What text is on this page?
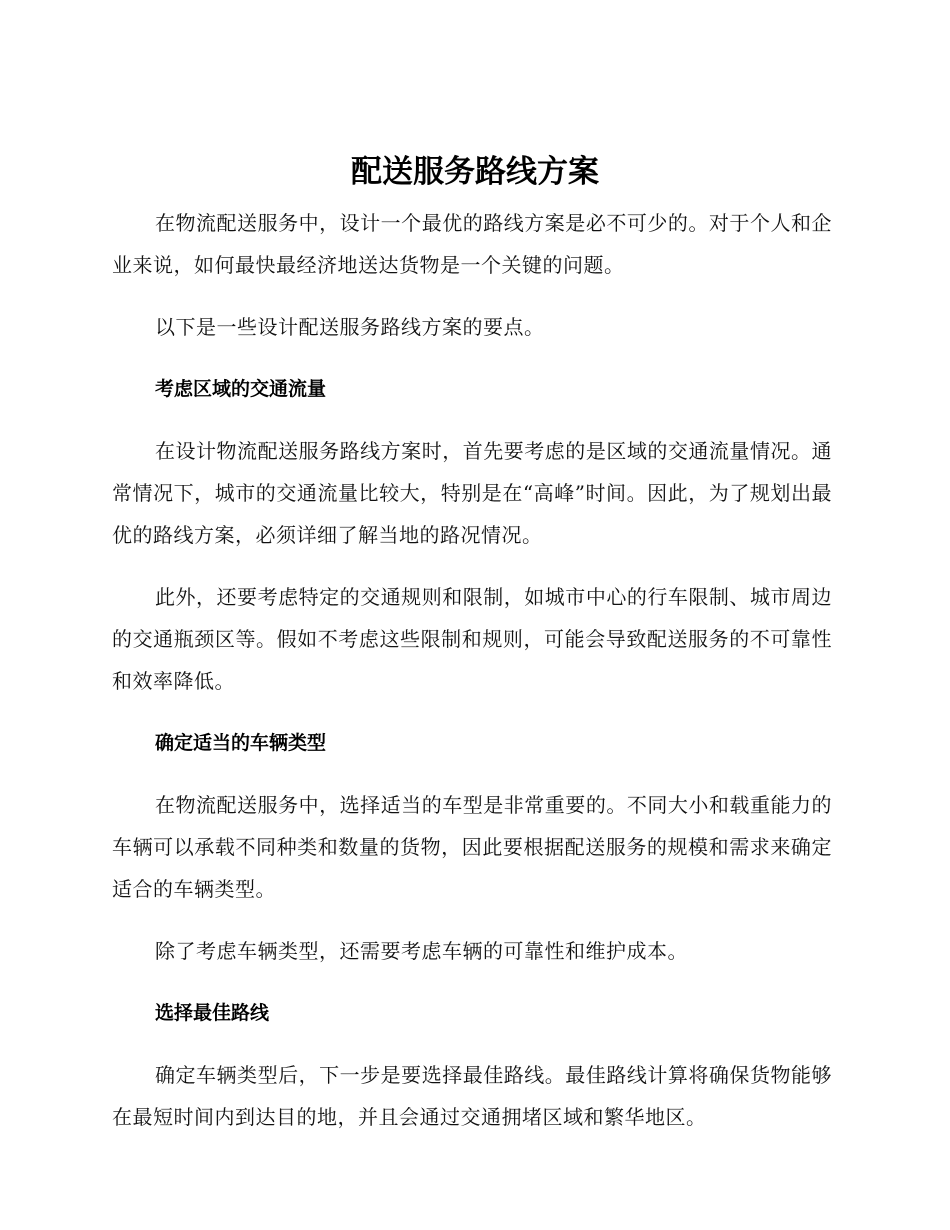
配送服务路线方案

在物流配送服务中，设计一个最优的路线方案是必不可少的。对于个人和企业来说，如何最快最经济地送达货物是一个关键的问题。

以下是一些设计配送服务路线方案的要点。

考虑区域的交通流量

在设计物流配送服务路线方案时，首先要考虑的是区域的交通流量情况。通常情况下，城市的交通流量比较大，特别是在“高峰”时间。因此，为了规划出最优的路线方案，必须详细了解当地的路况情况。

此外，还要考虑特定的交通规则和限制，如城市中心的行车限制、城市周边的交通瓶颈区等。假如不考虑这些限制和规则，可能会导致配送服务的不可靠性和效率降低。

确定适当的车辆类型

在物流配送服务中，选择适当的车型是非常重要的。不同大小和载重能力的车辆可以承载不同种类和数量的货物，因此要根据配送服务的规模和需求来确定适合的车辆类型。

除了考虑车辆类型，还需要考虑车辆的可靠性和维护成本。

选择最佳路线

确定车辆类型后，下一步是要选择最佳路线。最佳路线计算将确保货物能够在最短时间内到达目的地，并且会通过交通拥堵区域和繁华地区。
